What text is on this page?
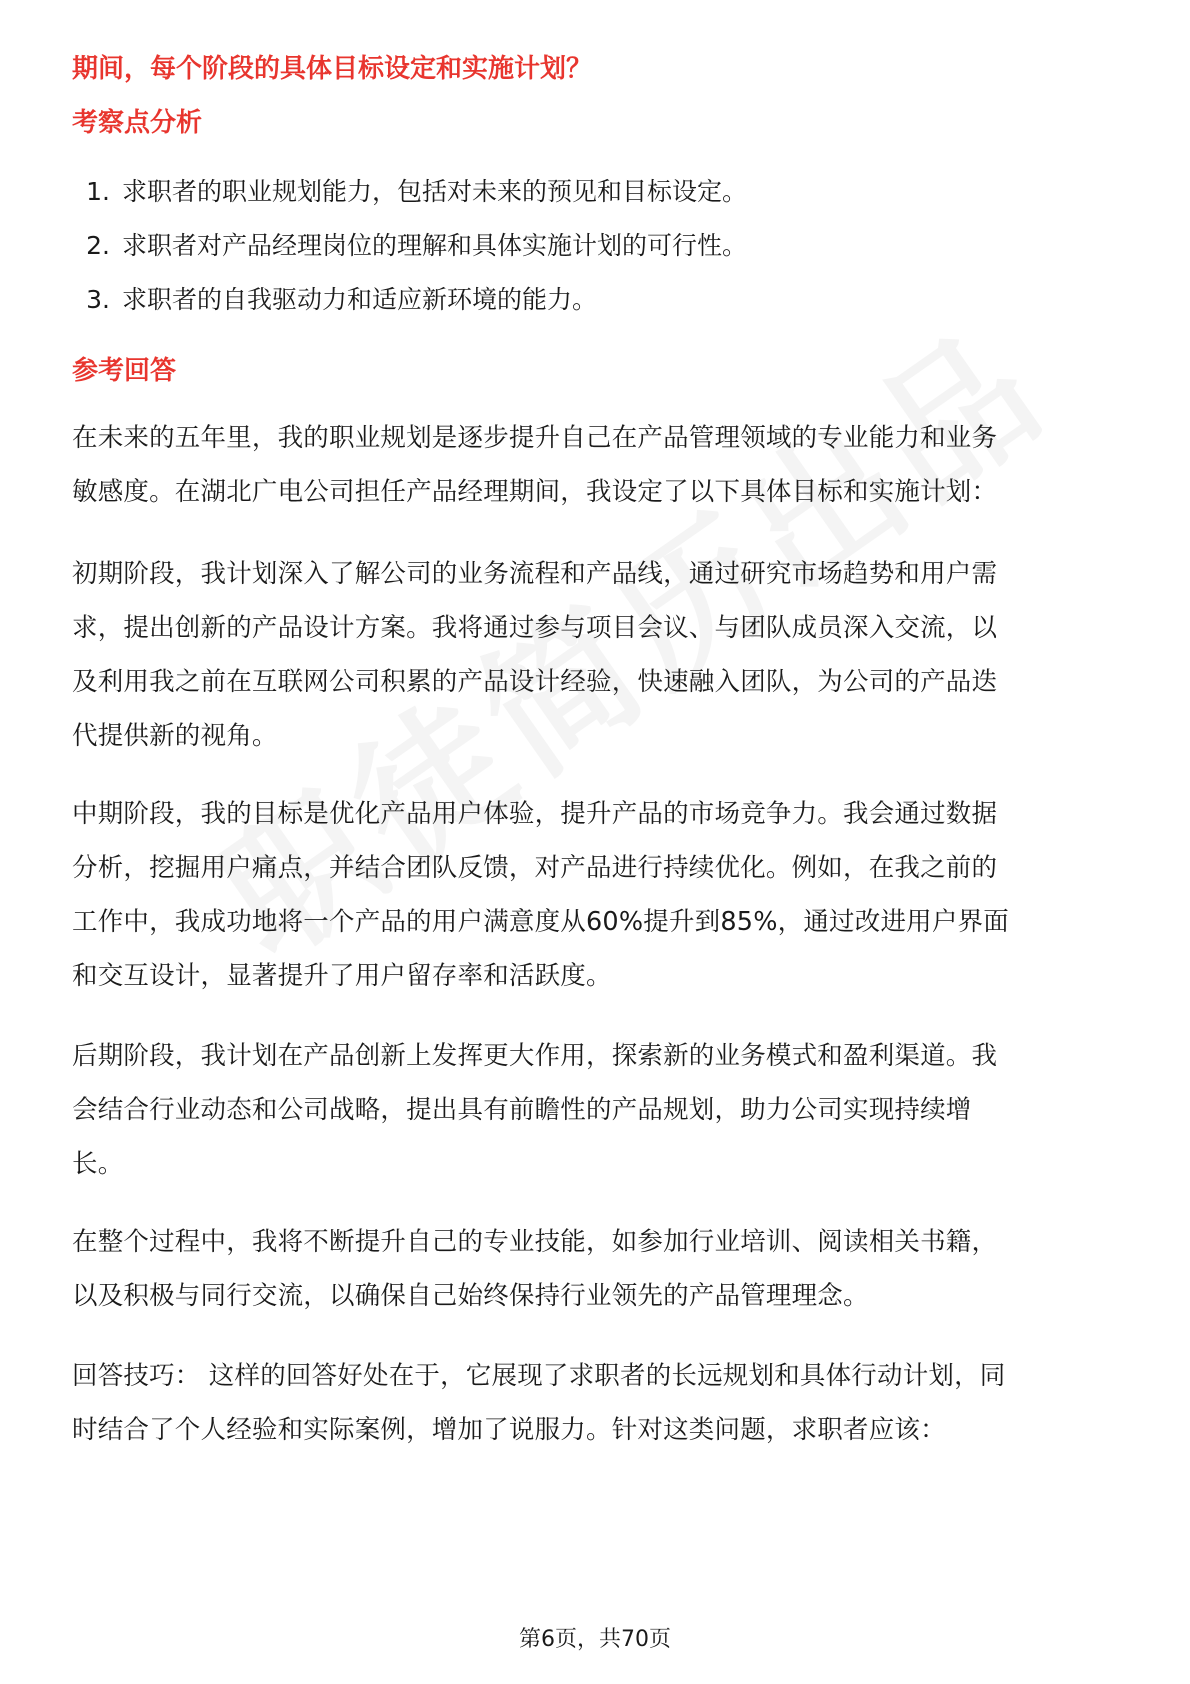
期间，每个阶段的具体目标设定和实施计划？
考察点分析
1. 求职者的职业规划能力，包括对未来的预见和目标设定。
2. 求职者对产品经理岗位的理解和具体实施计划的可行性。
3. 求职者的自我驱动力和适应新环境的能力。
参考回答
在未来的五年里，我的职业规划是逐步提升自己在产品管理领域的专业能力和业务
敏感度。在湖北广电公司担任产品经理期间，我设定了以下具体目标和实施计划：
初期阶段，我计划深入了解公司的业务流程和产品线，通过研究市场趋势和用户需
求，提出创新的产品设计方案。我将通过参与项目会议、与团队成员深入交流，以
及利用我之前在互联网公司积累的产品设计经验，快速融入团队，为公司的产品迭
代提供新的视角。
中期阶段，我的目标是优化产品用户体验，提升产品的市场竞争力。我会通过数据
分析，挖掘用户痛点，并结合团队反馈，对产品进行持续优化。例如，在我之前的
工作中，我成功地将一个产品的用户满意度从60%提升到85%，通过改进用户界面
和交互设计，显著提升了用户留存率和活跃度。
后期阶段，我计划在产品创新上发挥更大作用，探索新的业务模式和盈利渠道。我
会结合行业动态和公司战略，提出具有前瞻性的产品规划，助力公司实现持续增
长。
在整个过程中，我将不断提升自己的专业技能，如参加行业培训、阅读相关书籍，
以及积极与同行交流，以确保自己始终保持行业领先的产品管理理念。
回答技巧： 这样的回答好处在于，它展现了求职者的长远规划和具体行动计划，同
时结合了个人经验和实际案例，增加了说服力。针对这类问题，求职者应该：
第6页，共70页
